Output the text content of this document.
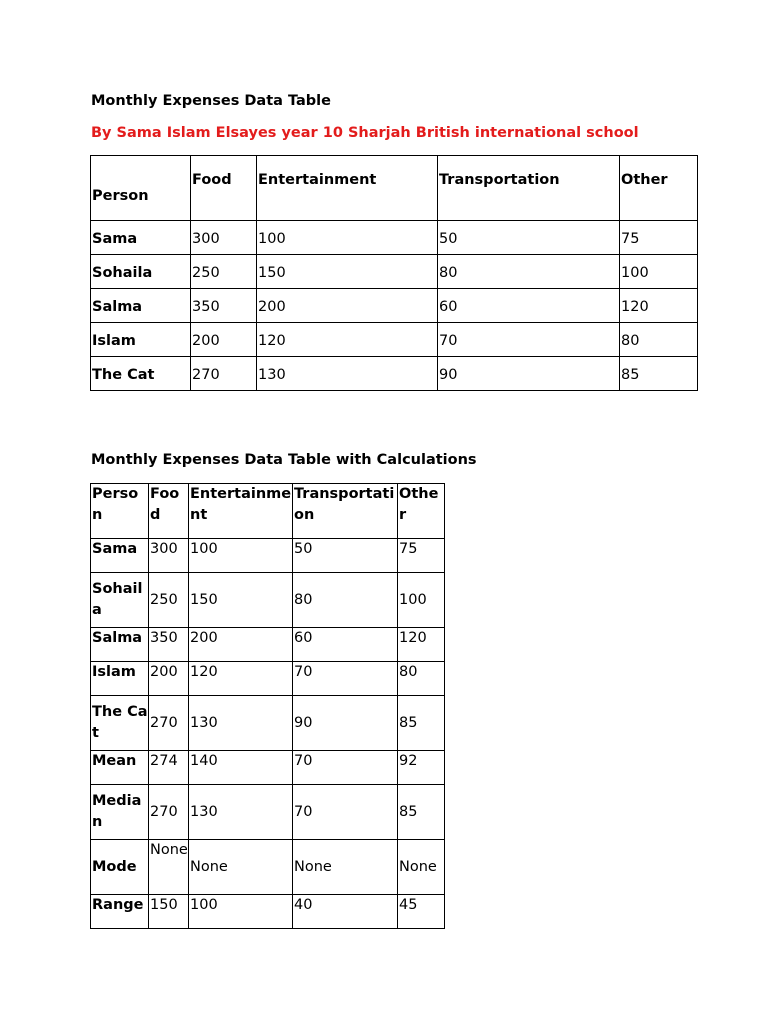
Monthly Expenses Data Table
By Sama Islam Elsayes year 10 Sharjah British international school
Person	Food	Entertainment	Transportation	Other
Sama	300	100	50	75
Sohaila	250	150	80	100
Salma	350	200	60	120
Islam	200	120	70	80
The Cat	270	130	90	85
Monthly Expenses Data Table with Calculations
Person	Food	Entertainment	Transportation	Other
Sama	300	100	50	75
Sohaila	250	150	80	100
Salma	350	200	60	120
Islam	200	120	70	80
The Cat	270	130	90	85
Mean	274	140	70	92
Median	270	130	70	85
Mode	None	None	None	None
Range	150	100	40	45
